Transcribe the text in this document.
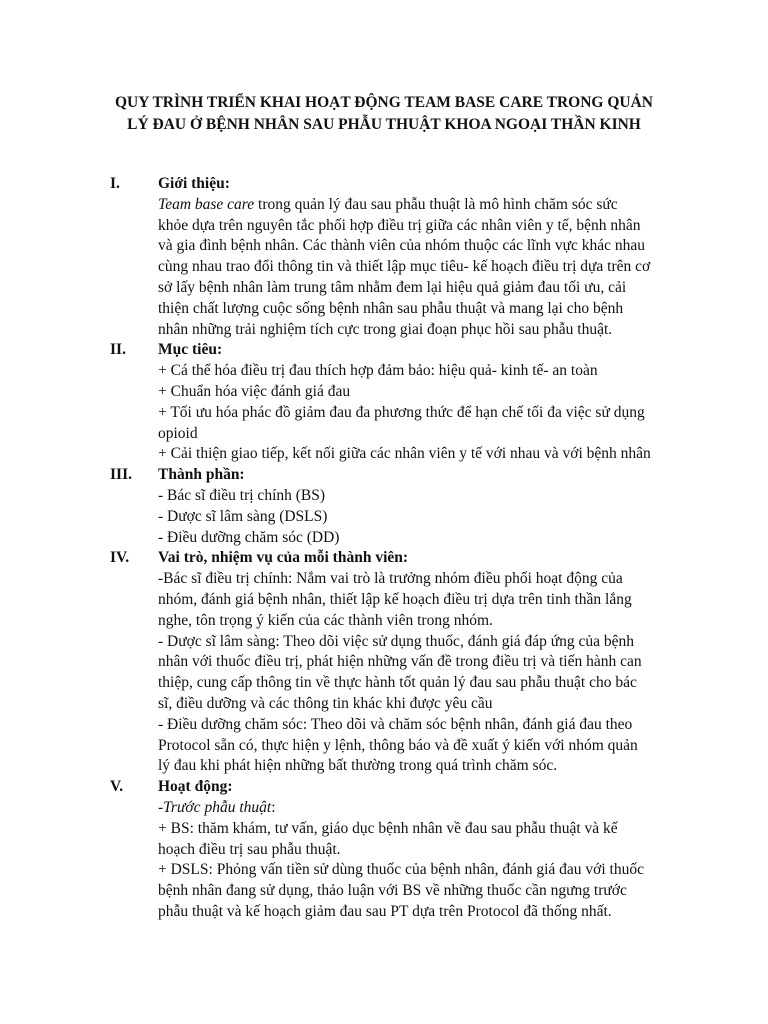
QUY TRÌNH TRIỂN KHAI HOẠT ĐỘNG TEAM BASE CARE TRONG QUẢN
LÝ ĐAU Ở BỆNH NHÂN SAU PHẪU THUẬT KHOA NGOẠI THẦN KINH
I. Giới thiệu:
Team base care trong quản lý đau sau phẫu thuật là mô hình chăm sóc sức
khỏe dựa trên nguyên tắc phối hợp điều trị giữa các nhân viên y tế, bệnh nhân
và gia đình bệnh nhân. Các thành viên của nhóm thuộc các lĩnh vực khác nhau
cùng nhau trao đổi thông tin và thiết lập mục tiêu- kế hoạch điều trị dựa trên cơ
sở lấy bệnh nhân làm trung tâm nhằm đem lại hiệu quả giảm đau tối ưu, cải
thiện chất lượng cuộc sống bệnh nhân sau phẫu thuật và mang lại cho bệnh
nhân những trải nghiệm tích cực trong giai đoạn phục hồi sau phẫu thuật.
II. Mục tiêu:
+ Cá thể hóa điều trị đau thích hợp đảm bảo: hiệu quả- kinh tế- an toàn
+ Chuẩn hóa việc đánh giá đau
+ Tối ưu hóa phác đồ giảm đau đa phương thức để hạn chế tối đa việc sử dụng
opioid
+ Cải thiện giao tiếp, kết nối giữa các nhân viên y tế với nhau và với bệnh nhân
III. Thành phần:
- Bác sĩ điều trị chính (BS)
- Dược sĩ lâm sàng (DSLS)
- Điều dưỡng chăm sóc (DD)
IV. Vai trò, nhiệm vụ của mỗi thành viên:
-Bác sĩ điều trị chính: Nắm vai trò là trưởng nhóm điều phối hoạt động của
nhóm, đánh giá bệnh nhân, thiết lập kế hoạch điều trị dựa trên tinh thần lắng
nghe, tôn trọng ý kiến của các thành viên trong nhóm.
- Dược sĩ lâm sàng: Theo dõi việc sử dụng thuốc, đánh giá đáp ứng của bệnh
nhân với thuốc điều trị, phát hiện những vấn đề trong điều trị và tiến hành can
thiệp, cung cấp thông tin về thực hành tốt quản lý đau sau phẫu thuật cho bác
sĩ, điều dưỡng và các thông tin khác khi được yêu cầu
- Điều dưỡng chăm sóc: Theo dõi và chăm sóc bệnh nhân, đánh giá đau theo
Protocol sẵn có, thực hiện y lệnh, thông báo và đề xuất ý kiến với nhóm quản
lý đau khi phát hiện những bất thường trong quá trình chăm sóc.
V. Hoạt động:
-Trước phẫu thuật:
+ BS: thăm khám, tư vấn, giáo dục bệnh nhân về đau sau phẫu thuật và kế
hoạch điều trị sau phẫu thuật.
+ DSLS: Phỏng vấn tiền sử dùng thuốc của bệnh nhân, đánh giá đau với thuốc
bệnh nhân đang sử dụng, thảo luận với BS về những thuốc cần ngưng trước
phẫu thuật và kế hoạch giảm đau sau PT dựa trên Protocol đã thống nhất.
